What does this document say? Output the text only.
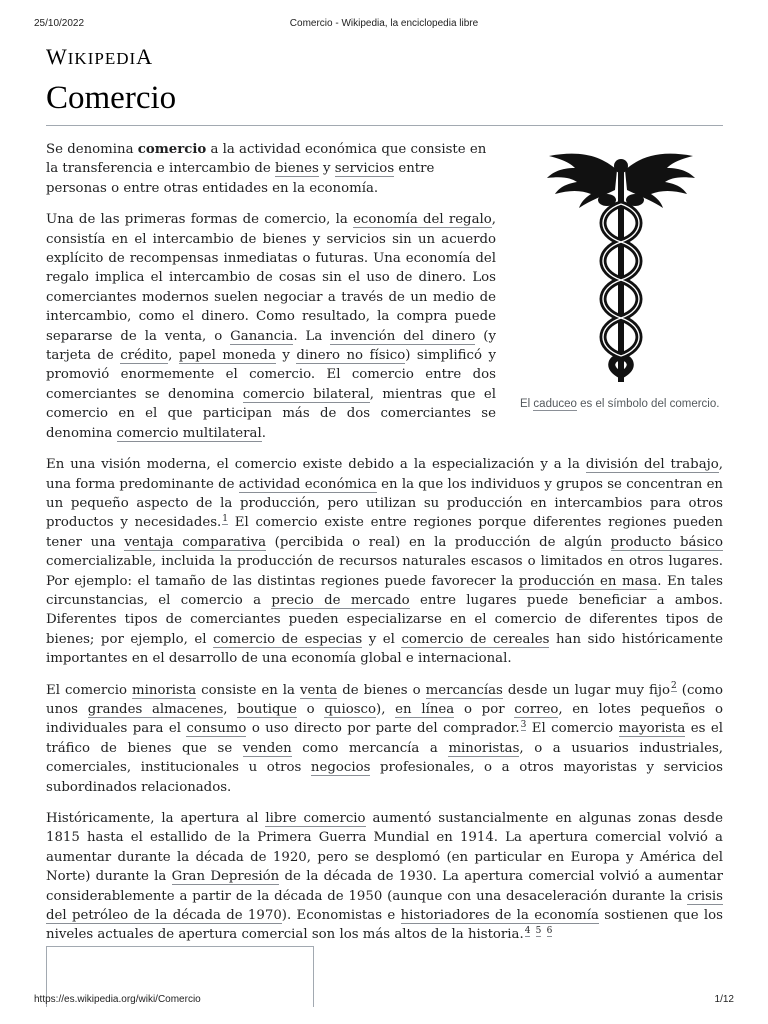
25/10/2022	Comercio - Wikipedia, la enciclopedia libre
WIKIPEDIA
Comercio
El caduceo es el símbolo del comercio.

Se denomina comercio a la actividad económica que consiste en la transferencia e intercambio de bienes y servicios entre personas o entre otras entidades en la economía.

Una de las primeras formas de comercio, la economía del regalo, consistía en el intercambio de bienes y servicios sin un acuerdo explícito de recompensas inmediatas o futuras. Una economía del regalo implica el intercambio de cosas sin el uso de dinero. Los comerciantes modernos suelen negociar a través de un medio de intercambio, como el dinero. Como resultado, la compra puede separarse de la venta, o Ganancia. La invención del dinero (y tarjeta de crédito, papel moneda y dinero no físico) simplificó y promovió enormemente el comercio. El comercio entre dos comerciantes se denomina comercio bilateral, mientras que el comercio en el que participan más de dos comerciantes se denomina comercio multilateral.

En una visión moderna, el comercio existe debido a la especialización y a la división del trabajo, una forma predominante de actividad económica en la que los individuos y grupos se concentran en un pequeño aspecto de la producción, pero utilizan su producción en intercambios para otros productos y necesidades.$^1$ El comercio existe entre regiones porque diferentes regiones pueden tener una ventaja comparativa (percibida o real) en la producción de algún producto básico comercializable, incluida la producción de recursos naturales escasos o limitados en otros lugares. Por ejemplo: el tamaño de las distintas regiones puede favorecer la producción en masa. En tales circunstancias, el comercio a precio de mercado entre lugares puede beneficiar a ambos. Diferentes tipos de comerciantes pueden especializarse en el comercio de diferentes tipos de bienes; por ejemplo, el comercio de especias y el comercio de cereales han sido históricamente importantes en el desarrollo de una economía global e internacional.

El comercio minorista consiste en la venta de bienes o mercancías desde un lugar muy fijo$^2$ (como unos grandes almacenes, boutique o quiosco), en línea o por correo, en lotes pequeños o individuales para el consumo o uso directo por parte del comprador.$^3$ El comercio mayorista es el tráfico de bienes que se venden como mercancía a minoristas, o a usuarios industriales, comerciales, institucionales u otros negocios profesionales, o a otros mayoristas y servicios subordinados relacionados.

Históricamente, la apertura al libre comercio aumentó sustancialmente en algunas zonas desde 1815 hasta el estallido de la Primera Guerra Mundial en 1914. La apertura comercial volvió a aumentar durante la década de 1920, pero se desplomó (en particular en Europa y América del Norte) durante la Gran Depresión de la década de 1930. La apertura comercial volvió a aumentar considerablemente a partir de la década de 1950 (aunque con una desaceleración durante la crisis del petróleo de la década de 1970). Economistas e historiadores de la economía sostienen que los niveles actuales de apertura comercial son los más altos de la historia.$^4$ $^5$ $^6$

https://es.wikipedia.org/wiki/Comercio	1/12
